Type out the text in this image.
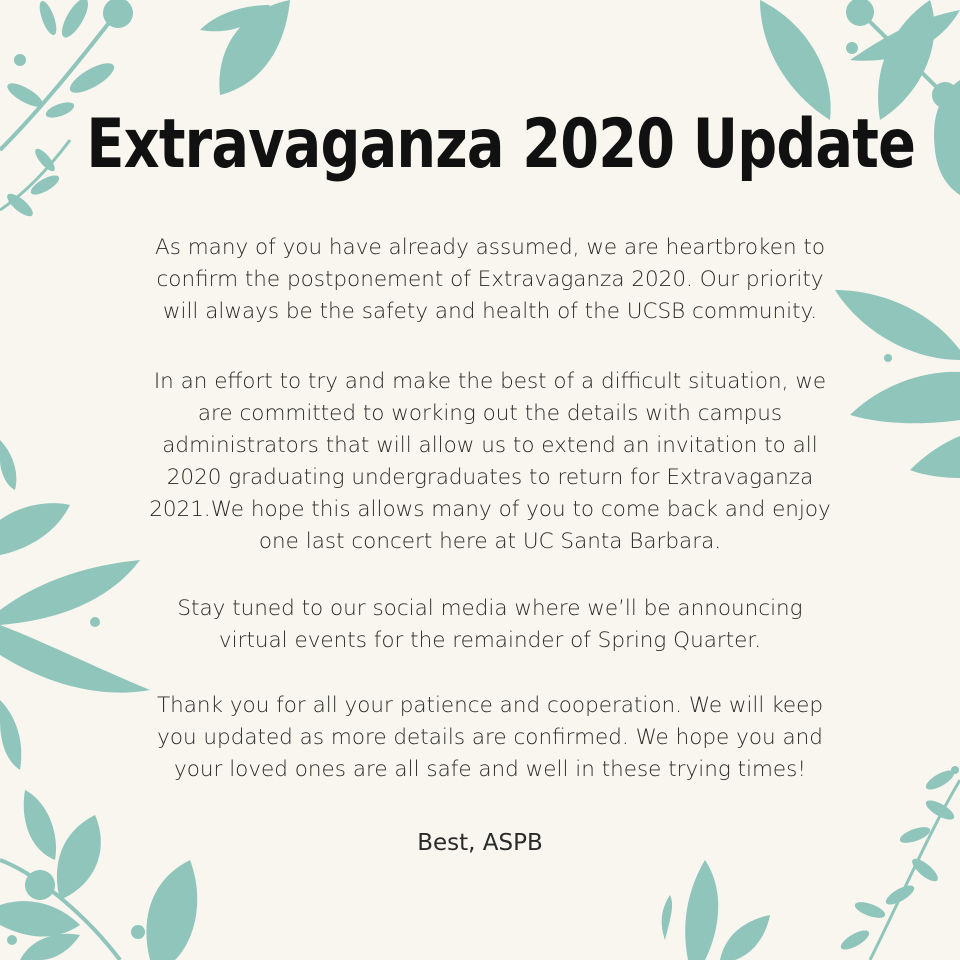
Extravaganza 2020 Update

As many of you have already assumed, we are heartbroken to
confirm the postponement of Extravaganza 2020. Our priority
will always be the safety and health of the UCSB community.

In an effort to try and make the best of a difficult situation, we
are committed to working out the details with campus
administrators that will allow us to extend an invitation to all
2020 graduating undergraduates to return for Extravaganza
2021.We hope this allows many of you to come back and enjoy
one last concert here at UC Santa Barbara.

Stay tuned to our social media where we’ll be announcing
virtual events for the remainder of Spring Quarter.

Thank you for all your patience and cooperation. We will keep
you updated as more details are confirmed. We hope you and
your loved ones are all safe and well in these trying times!

Best, ASPB
